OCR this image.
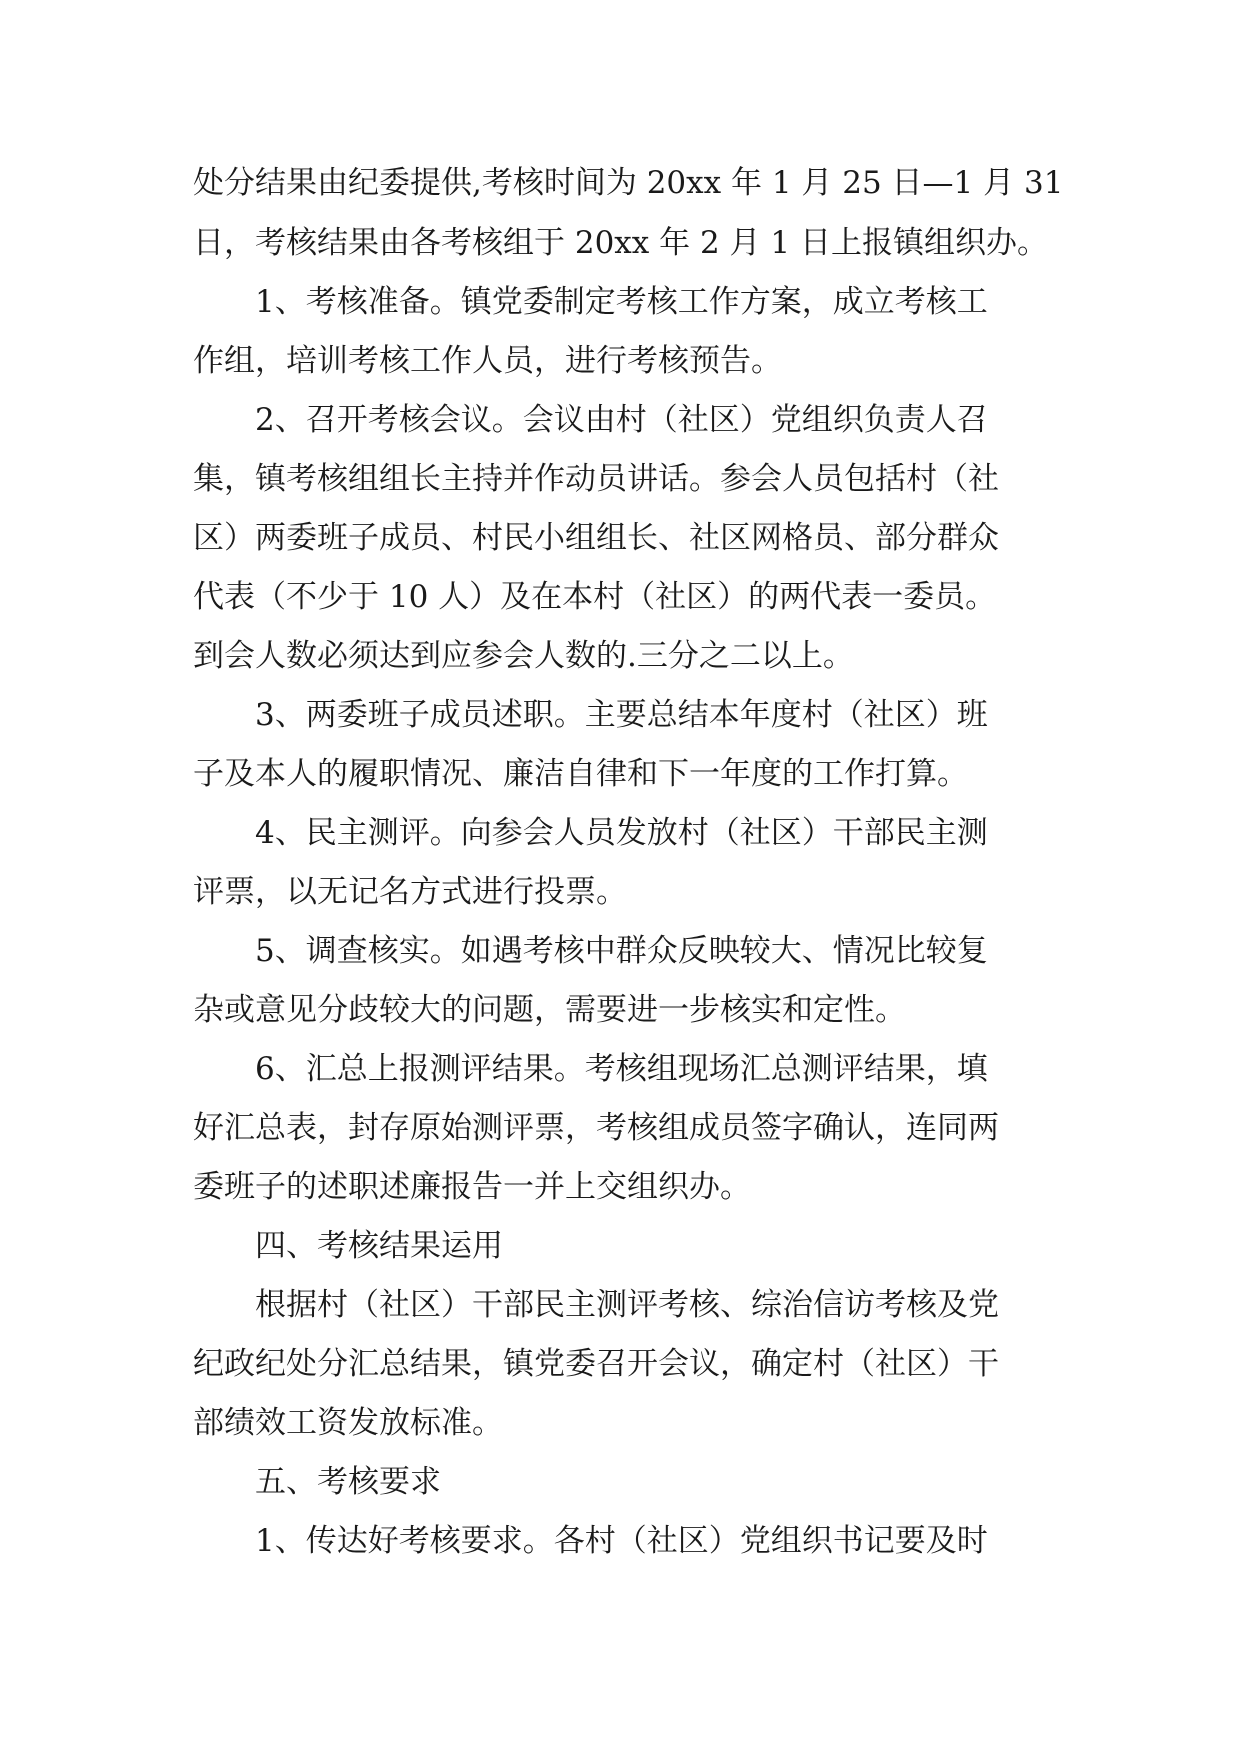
处分结果由纪委提供,考核时间为 20xx 年 1 月 25 日—1 月 31
日，考核结果由各考核组于 20xx 年 2 月 1 日上报镇组织办。
1、考核准备。镇党委制定考核工作方案，成立考核工
作组，培训考核工作人员，进行考核预告。
2、召开考核会议。会议由村（社区）党组织负责人召
集，镇考核组组长主持并作动员讲话。参会人员包括村（社
区）两委班子成员、村民小组组长、社区网格员、部分群众
代表（不少于 10 人）及在本村（社区）的两代表一委员。
到会人数必须达到应参会人数的.三分之二以上。
3、两委班子成员述职。主要总结本年度村（社区）班
子及本人的履职情况、廉洁自律和下一年度的工作打算。
4、民主测评。向参会人员发放村（社区）干部民主测
评票，以无记名方式进行投票。
5、调查核实。如遇考核中群众反映较大、情况比较复
杂或意见分歧较大的问题，需要进一步核实和定性。
6、汇总上报测评结果。考核组现场汇总测评结果，填
好汇总表，封存原始测评票，考核组成员签字确认，连同两
委班子的述职述廉报告一并上交组织办。
四、考核结果运用
根据村（社区）干部民主测评考核、综治信访考核及党
纪政纪处分汇总结果，镇党委召开会议，确定村（社区）干
部绩效工资发放标准。
五、考核要求
1、传达好考核要求。各村（社区）党组织书记要及时
